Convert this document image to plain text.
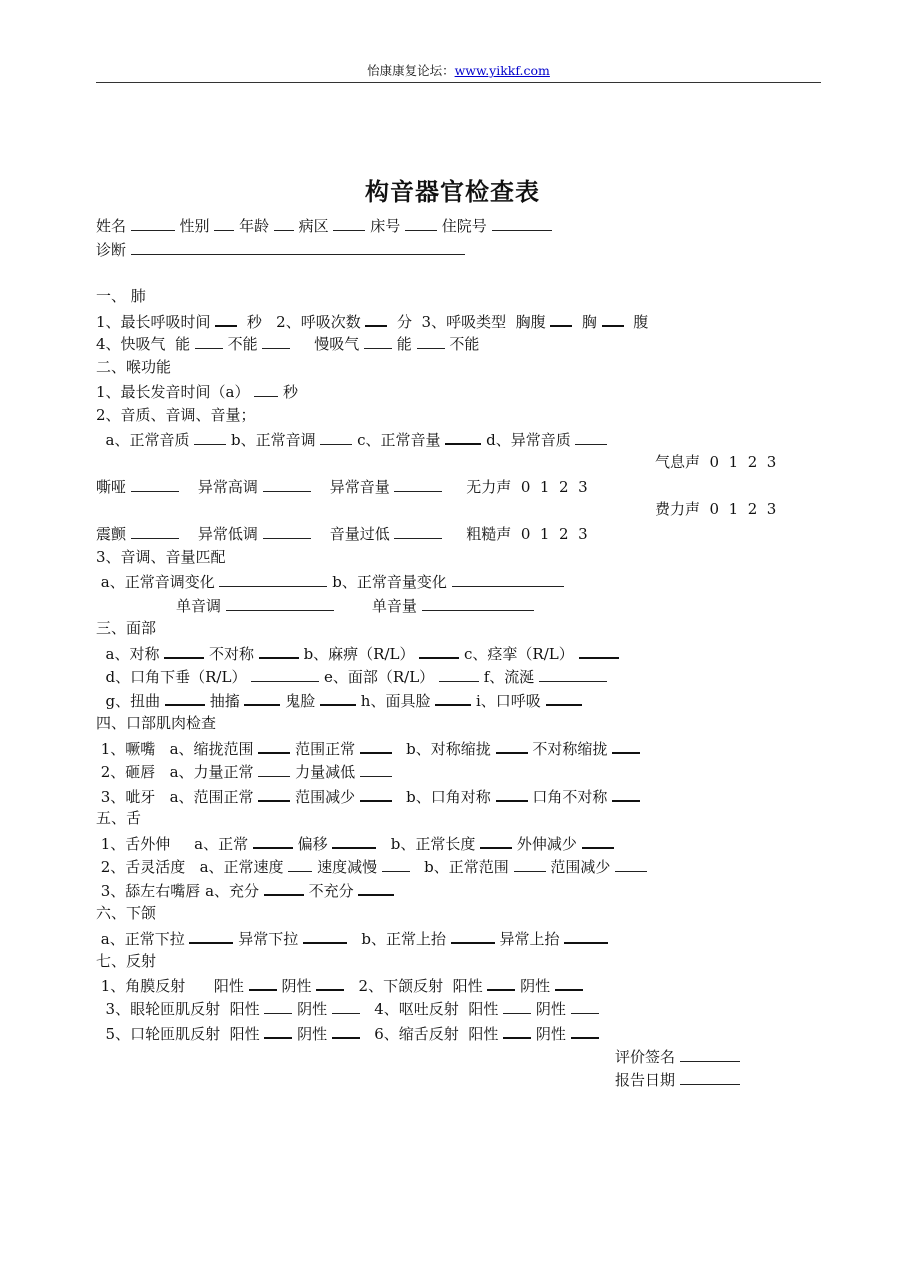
怡康康复论坛：www.yikkf.com
构音器官检查表
姓名	性别  年龄  病区  床号  住院号
诊断
一、 肺
1、最长呼吸时间   秒   2、呼吸次数   分  3、呼吸类型  胸腹   胸   腹
4、快吸气  能  不能      慢吸气  能  不能
二、喉功能
1、最长发音时间（a）  秒
2、音质、音调、音量；
a、正常音质  b、正常音调  c、正常音量  d、异常音质
气息声  0  1  2  3
嘶哑	异常高调	异常音量	无力声  0  1  2  3
费力声  0  1  2  3
震颤	异常低调	音量过低	粗糙声  0  1  2  3
3、音调、音量匹配
a、正常音调变化	b、正常音量变化
单音调	单音量
三、面部
a、对称	不对称	b、麻痹（R/L）	c、痉挛（R/L）
d、口角下垂（R/L）	e、面部（R/L）	f、流涎
g、扭曲	抽搐  鬼脸  h、面具脸  i、口呼吸
四、口部肌肉检查
1、噘嘴   a、缩拢范围  范围正常    b、对称缩拢  不对称缩拢
2、砸唇   a、力量正常  力量减低
3、呲牙   a、范围正常  范围减少    b、口角对称  口角不对称
五、舌
1、舌外伸     a、正常	偏移	b、正常长度  外伸减少
2、舌灵活度   a、正常速度  速度减慢    b、正常范围  范围减少
3、舔左右嘴唇 a、充分	不充分
六、下颌
a、正常下拉	异常下拉	b、正常上抬	异常上抬
七、反射
1、角膜反射      阳性  阴性    2、下颌反射  阳性  阴性
3、眼轮匝肌反射  阳性  阴性    4、呕吐反射  阳性  阴性
5、口轮匝肌反射  阳性  阴性    6、缩舌反射  阳性  阴性
评价签名
报告日期
